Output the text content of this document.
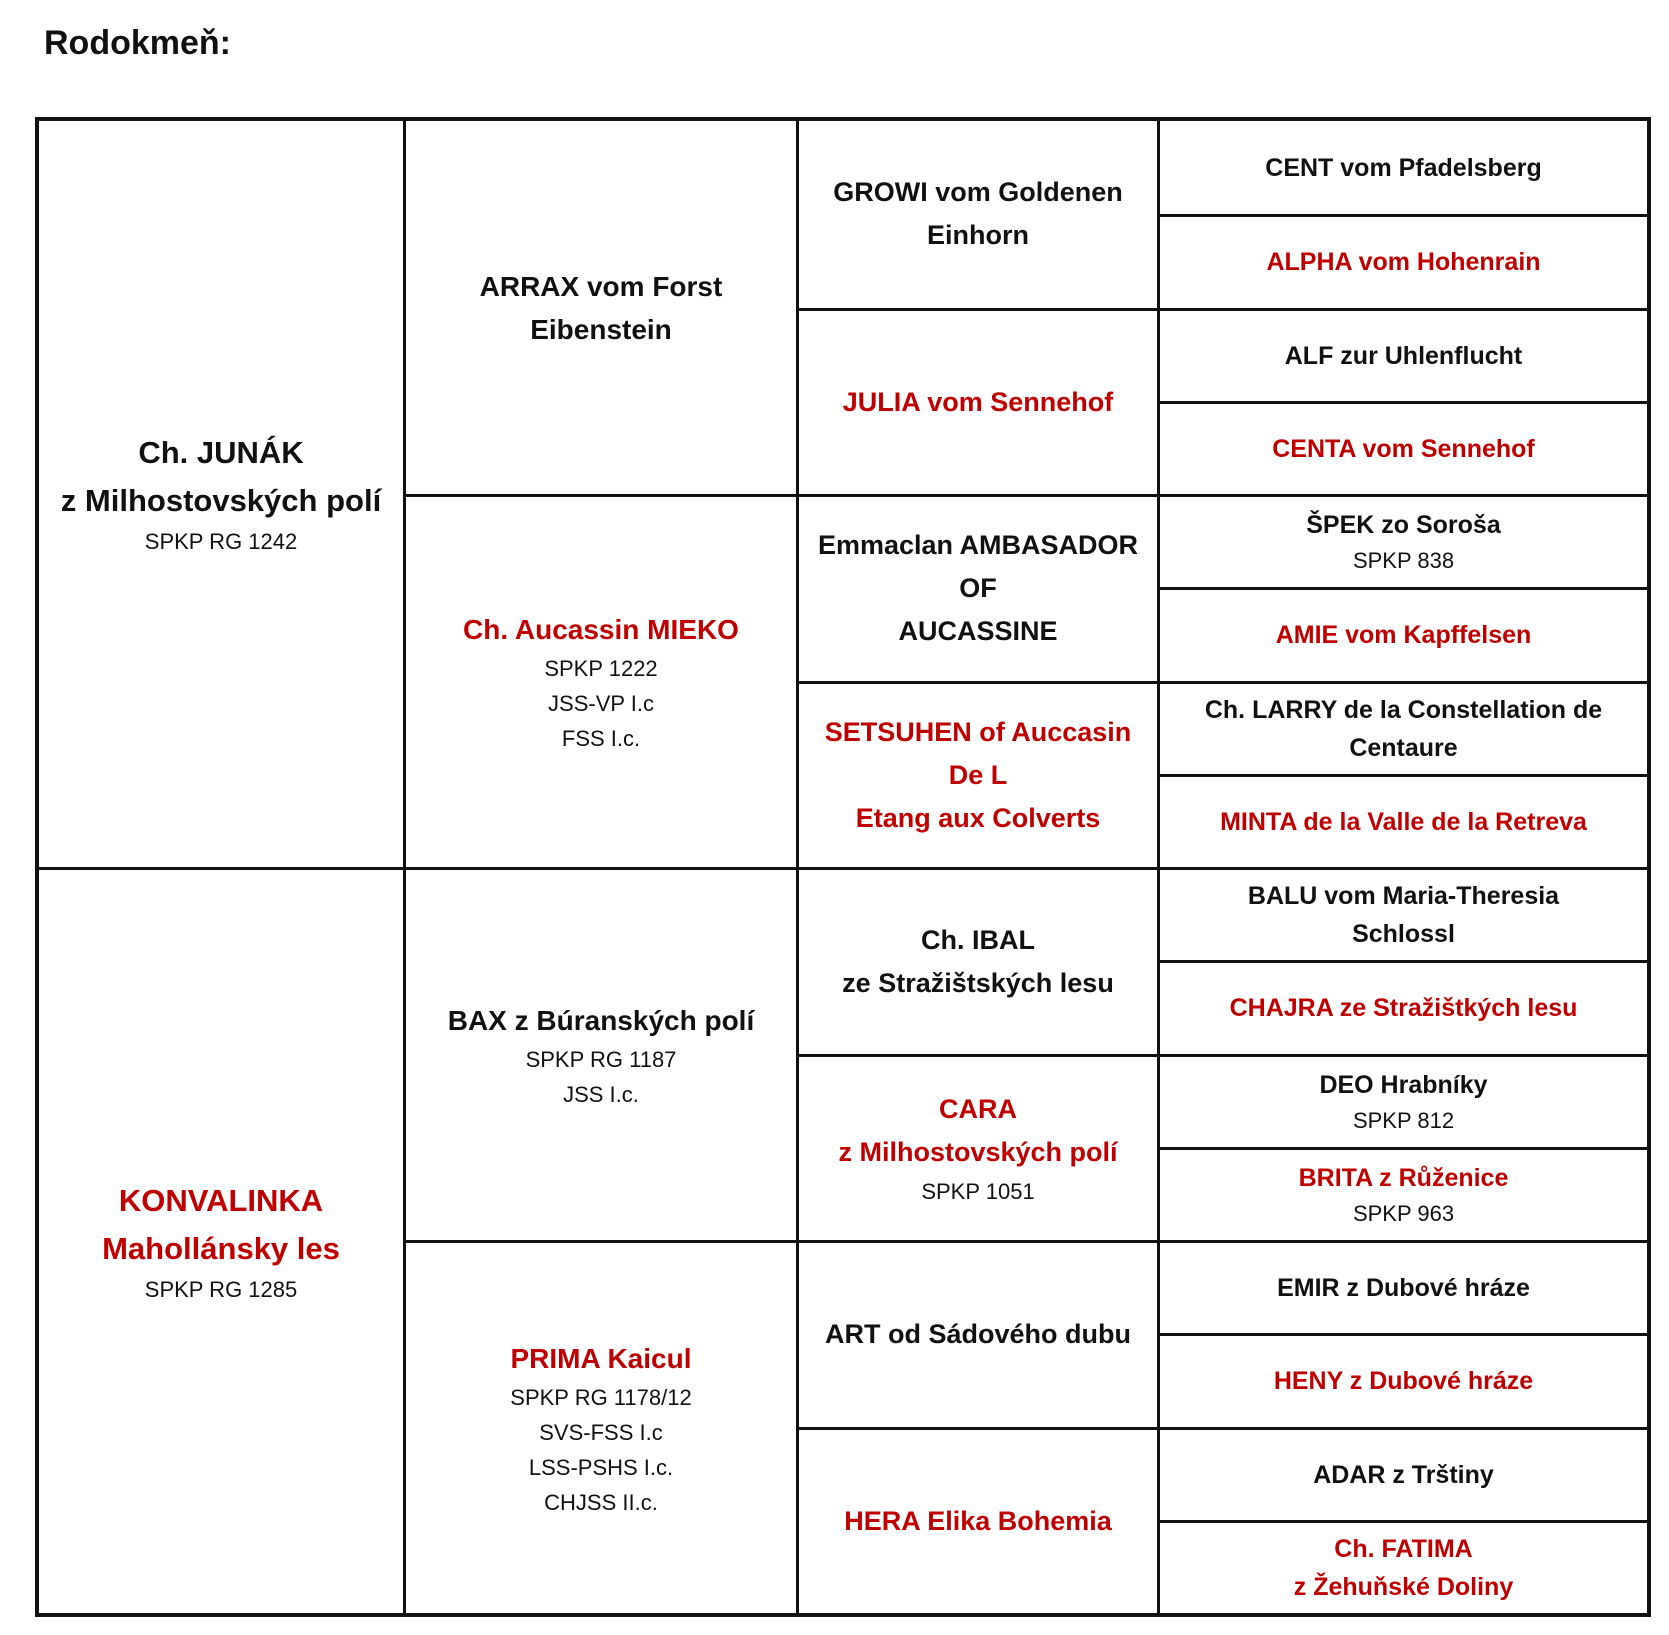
Rodokmeň:
Ch. JUNÁK
z Milhostovských polí
SPKP RG 1242
KONVALINKA
Mahollánsky les
SPKP RG 1285
ARRAX vom Forst Eibenstein
Ch. Aucassin MIEKO
SPKP 1222
JSS-VP I.c
FSS I.c.
BAX z Búranských polí
SPKP RG 1187
JSS I.c.
PRIMA Kaicul
SPKP RG 1178/12
SVS-FSS I.c
LSS-PSHS I.c.
CHJSS II.c.
GROWI vom Goldenen
Einhorn
JULIA vom Sennehof
Emmaclan AMBASADOR OF
AUCASSINE
SETSUHEN of Auccasin De L
Etang aux Colverts
Ch. IBAL
ze Stražištských lesu
CARA
z Milhostovských polí
SPKP 1051
ART od Sádového dubu
HERA Elika Bohemia
CENT vom Pfadelsberg
ALPHA vom Hohenrain
ALF zur Uhlenflucht
CENTA vom Sennehof
ŠPEK zo Soroša
SPKP 838
AMIE vom Kapffelsen
Ch. LARRY de la Constellation de
Centaure
MINTA de la Valle de la Retreva
BALU vom Maria-Theresia
Schlossl
CHAJRA ze Stražištkých lesu
DEO Hrabníky
SPKP 812
BRITA z Růženice
SPKP 963
EMIR z Dubové hráze
HENY z Dubové hráze
ADAR z Trštiny
Ch. FATIMA
z Žehuňské Doliny
